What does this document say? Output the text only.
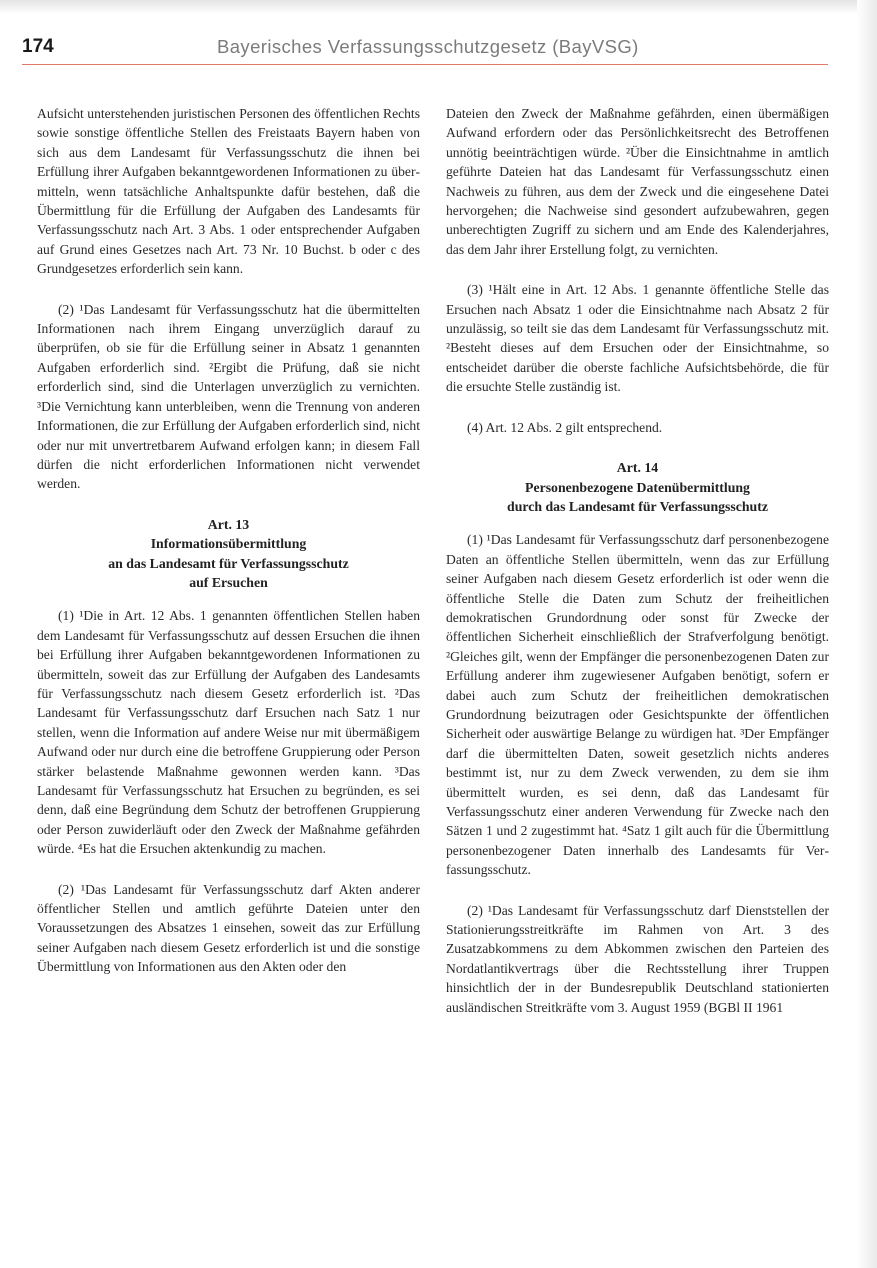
174	Bayerisches Verfassungsschutzgesetz (BayVSG)

Aufsicht unterstehenden juristischen Personen des öffentlichen Rechts sowie sonstige öffentliche Stellen des Freistaats Bayern haben von sich aus dem Landesamt für Verfassungsschutz die ihnen bei Erfüllung ihrer Aufgaben bekanntgewordenen Informationen zu übermitteln, wenn tatsächliche Anhaltspunkte dafür bestehen, daß die Übermittlung für die Erfüllung der Aufgaben des Landesamts für Verfassungsschutz nach Art. 3 Abs. 1 oder entsprechender Aufgaben auf Grund eines Gesetzes nach Art. 73 Nr. 10 Buchst. b oder c des Grundgesetzes erforderlich sein kann.

(2) ¹Das Landesamt für Verfassungsschutz hat die übermittelten Informationen nach ihrem Eingang unverzüglich darauf zu überprüfen, ob sie für die Erfüllung seiner in Absatz 1 genannten Aufgaben erforderlich sind. ²Ergibt die Prüfung, daß sie nicht erforderlich sind, sind die Unterlagen unverzüglich zu vernichten. ³Die Vernichtung kann unterbleiben, wenn die Trennung von anderen Informationen, die zur Erfüllung der Aufgaben erforderlich sind, nicht oder nur mit unvertretbarem Aufwand erfolgen kann; in diesem Fall dürfen die nicht erforderlichen Informationen nicht verwendet werden.

Art. 13
Informationsübermittlung
an das Landesamt für Verfassungsschutz
auf Ersuchen

(1) ¹Die in Art. 12 Abs. 1 genannten öffentlichen Stellen haben dem Landesamt für Verfassungsschutz auf dessen Ersuchen die ihnen bei Erfüllung ihrer Aufgaben bekanntgewordenen Informationen zu übermitteln, soweit das zur Erfüllung der Aufgaben des Landesamts für Verfassungsschutz nach diesem Gesetz erforderlich ist. ²Das Landesamt für Verfassungsschutz darf Ersuchen nach Satz 1 nur stellen, wenn die Information auf andere Weise nur mit übermäßigem Aufwand oder nur durch eine die betroffene Gruppierung oder Person stärker belastende Maßnahme gewonnen werden kann. ³Das Landesamt für Verfassungsschutz hat Ersuchen zu begründen, es sei denn, daß eine Begründung dem Schutz der betroffenen Gruppierung oder Person zuwiderläuft oder den Zweck der Maßnahme gefährden würde. ⁴Es hat die Ersuchen aktenkundig zu machen.

(2) ¹Das Landesamt für Verfassungsschutz darf Akten anderer öffentlicher Stellen und amtlich geführte Dateien unter den Voraussetzungen des Absatzes 1 einsehen, soweit das zur Erfüllung seiner Aufgaben nach diesem Gesetz erforderlich ist und die sonstige Übermittlung von Informationen aus den Akten oder den

Dateien den Zweck der Maßnahme gefährden, einen übermäßigen Aufwand erfordern oder das Persönlichkeitsrecht des Betroffenen unnötig beeinträchtigen würde. ²Über die Einsichtnahme in amtlich geführte Dateien hat das Landesamt für Verfassungsschutz einen Nachweis zu führen, aus dem der Zweck und die eingesehene Datei hervorgehen; die Nachweise sind gesondert aufzubewahren, gegen unberechtigten Zugriff zu sichern und am Ende des Kalenderjahres, das dem Jahr ihrer Erstellung folgt, zu vernichten.

(3) ¹Hält eine in Art. 12 Abs. 1 genannte öffentliche Stelle das Ersuchen nach Absatz 1 oder die Einsichtnahme nach Absatz 2 für unzulässig, so teilt sie das dem Landesamt für Verfassungsschutz mit. ²Besteht dieses auf dem Ersuchen oder der Einsichtnahme, so entscheidet darüber die oberste fachliche Aufsichtsbehörde, die für die ersuchte Stelle zuständig ist.

(4) Art. 12 Abs. 2 gilt entsprechend.

Art. 14
Personenbezogene Datenübermittlung
durch das Landesamt für Verfassungsschutz

(1) ¹Das Landesamt für Verfassungsschutz darf personenbezogene Daten an öffentliche Stellen übermitteln, wenn das zur Erfüllung seiner Aufgaben nach diesem Gesetz erforderlich ist oder wenn die öffentliche Stelle die Daten zum Schutz der freiheitlichen demokratischen Grundordnung oder sonst für Zwecke der öffentlichen Sicherheit einschließlich der Strafverfolgung benötigt. ²Gleiches gilt, wenn der Empfänger die personenbezogenen Daten zur Erfüllung anderer ihm zugewiesener Aufgaben benötigt, sofern er dabei auch zum Schutz der freiheitlichen demokratischen Grundordnung beizutragen oder Gesichtspunkte der öffentlichen Sicherheit oder auswärtige Belange zu würdigen hat. ³Der Empfänger darf die übermittelten Daten, soweit gesetzlich nichts anderes bestimmt ist, nur zu dem Zweck verwenden, zu dem sie ihm übermittelt wurden, es sei denn, daß das Landesamt für Verfassungsschutz einer anderen Verwendung für Zwecke nach den Sätzen 1 und 2 zugestimmt hat. ⁴Satz 1 gilt auch für die Übermittlung personenbezogener Daten innerhalb des Landesamts für Verfassungsschutz.

(2) ¹Das Landesamt für Verfassungsschutz darf Dienststellen der Stationierungsstreitkräfte im Rahmen von Art. 3 des Zusatzabkommens zu dem Abkommen zwischen den Parteien des Nordatlantikvertrags über die Rechtsstellung ihrer Truppen hinsichtlich der in der Bundesrepublik Deutschland stationierten ausländischen Streitkräfte vom 3. August 1959 (BGBl II 1961
